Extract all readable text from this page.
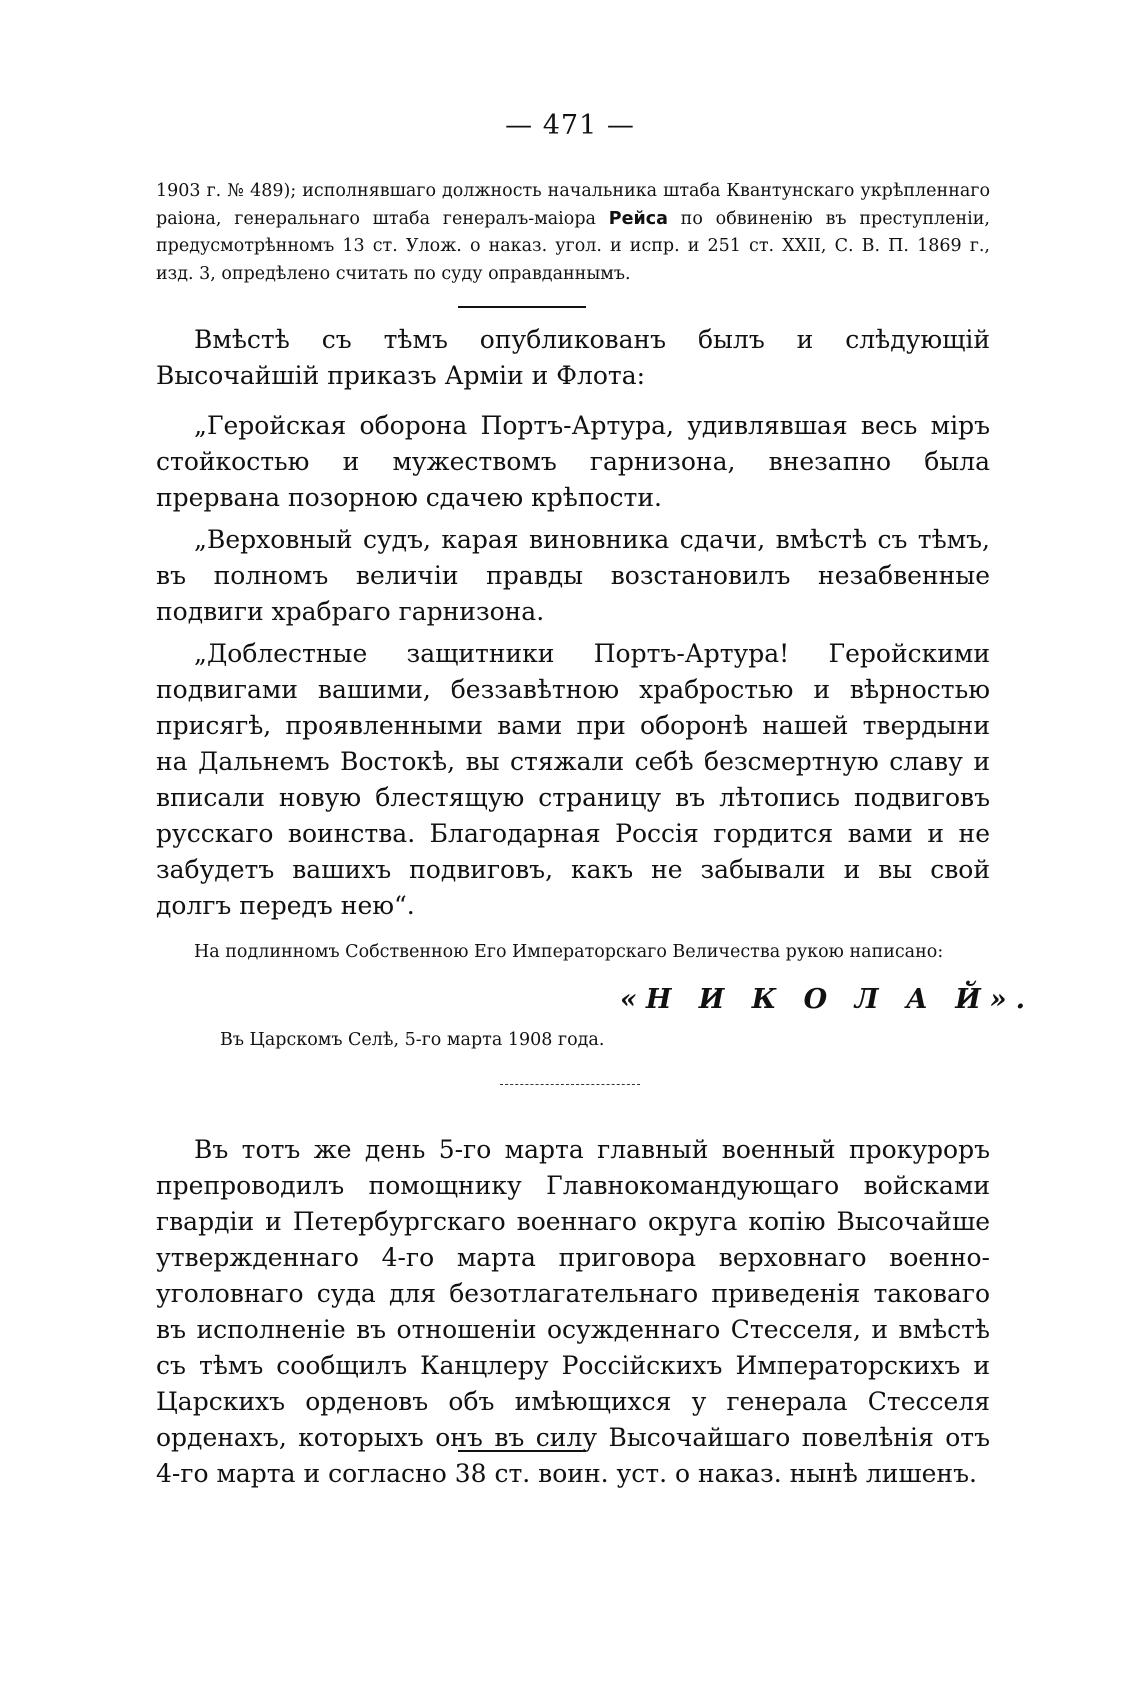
— 471 —
1903 г. № 489); исполнявшаго должность начальника штаба Квантунскаго укрѣпленнаго раіона, генеральнаго штаба генералъ-маіора Рейса по обвиненію въ преступленіи, предусмотрѣнномъ 13 ст. Улож. о наказ. угол. и испр. и 251 ст. XXII, С. В. П. 1869 г., изд. 3, опредѣлено считать по суду оправданнымъ.

Вмѣстѣ съ тѣмъ опубликованъ былъ и слѣдующій Высочайшій приказъ Арміи и Флота:

„Геройская оборона Портъ-Артура, удивлявшая весь міръ стойкостью и мужествомъ гарнизона, внезапно была прервана позорною сдачею крѣпости.

„Верховный судъ, карая виновника сдачи, вмѣстѣ съ тѣмъ, въ полномъ величіи правды возстановилъ незабвенные подвиги храбраго гарнизона.

„Доблестные защитники Портъ-Артура! Геройскими подвигами вашими, беззавѣтною храбростью и вѣрностью присягѣ, проявленными вами при оборонѣ нашей твердыни на Дальнемъ Востокѣ, вы стяжали себѣ безсмертную славу и вписали новую блестящую страницу въ лѣтопись подвиговъ русскаго воинства. Благодарная Россія гордится вами и не забудетъ вашихъ подвиговъ, какъ не забывали и вы свой долгъ передъ нею“.

На подлинномъ Собственною Его Императорскаго Величества рукою написано:
«Н И К О Л А Й».
Въ Царскомъ Селѣ, 5-го марта 1908 года.
Въ тотъ же день 5-го марта главный военный прокуроръ препроводилъ помощнику Главнокомандующаго войсками гвардіи и Петербургскаго военнаго округа копію Высочайше утвержденнаго 4-го марта приговора верховнаго военно-уголовнаго суда для безотлагательнаго приведенія таковаго въ исполненіе въ отношеніи осужденнаго Стесселя, и вмѣстѣ съ тѣмъ сообщилъ Канцлеру Россійскихъ Императорскихъ и Царскихъ орденовъ объ имѣющихся у генерала Стесселя орденахъ, которыхъ онъ въ силу Высочайшаго повелѣнія отъ 4-го марта и согласно 38 ст. воин. уст. о наказ. нынѣ лишенъ.
